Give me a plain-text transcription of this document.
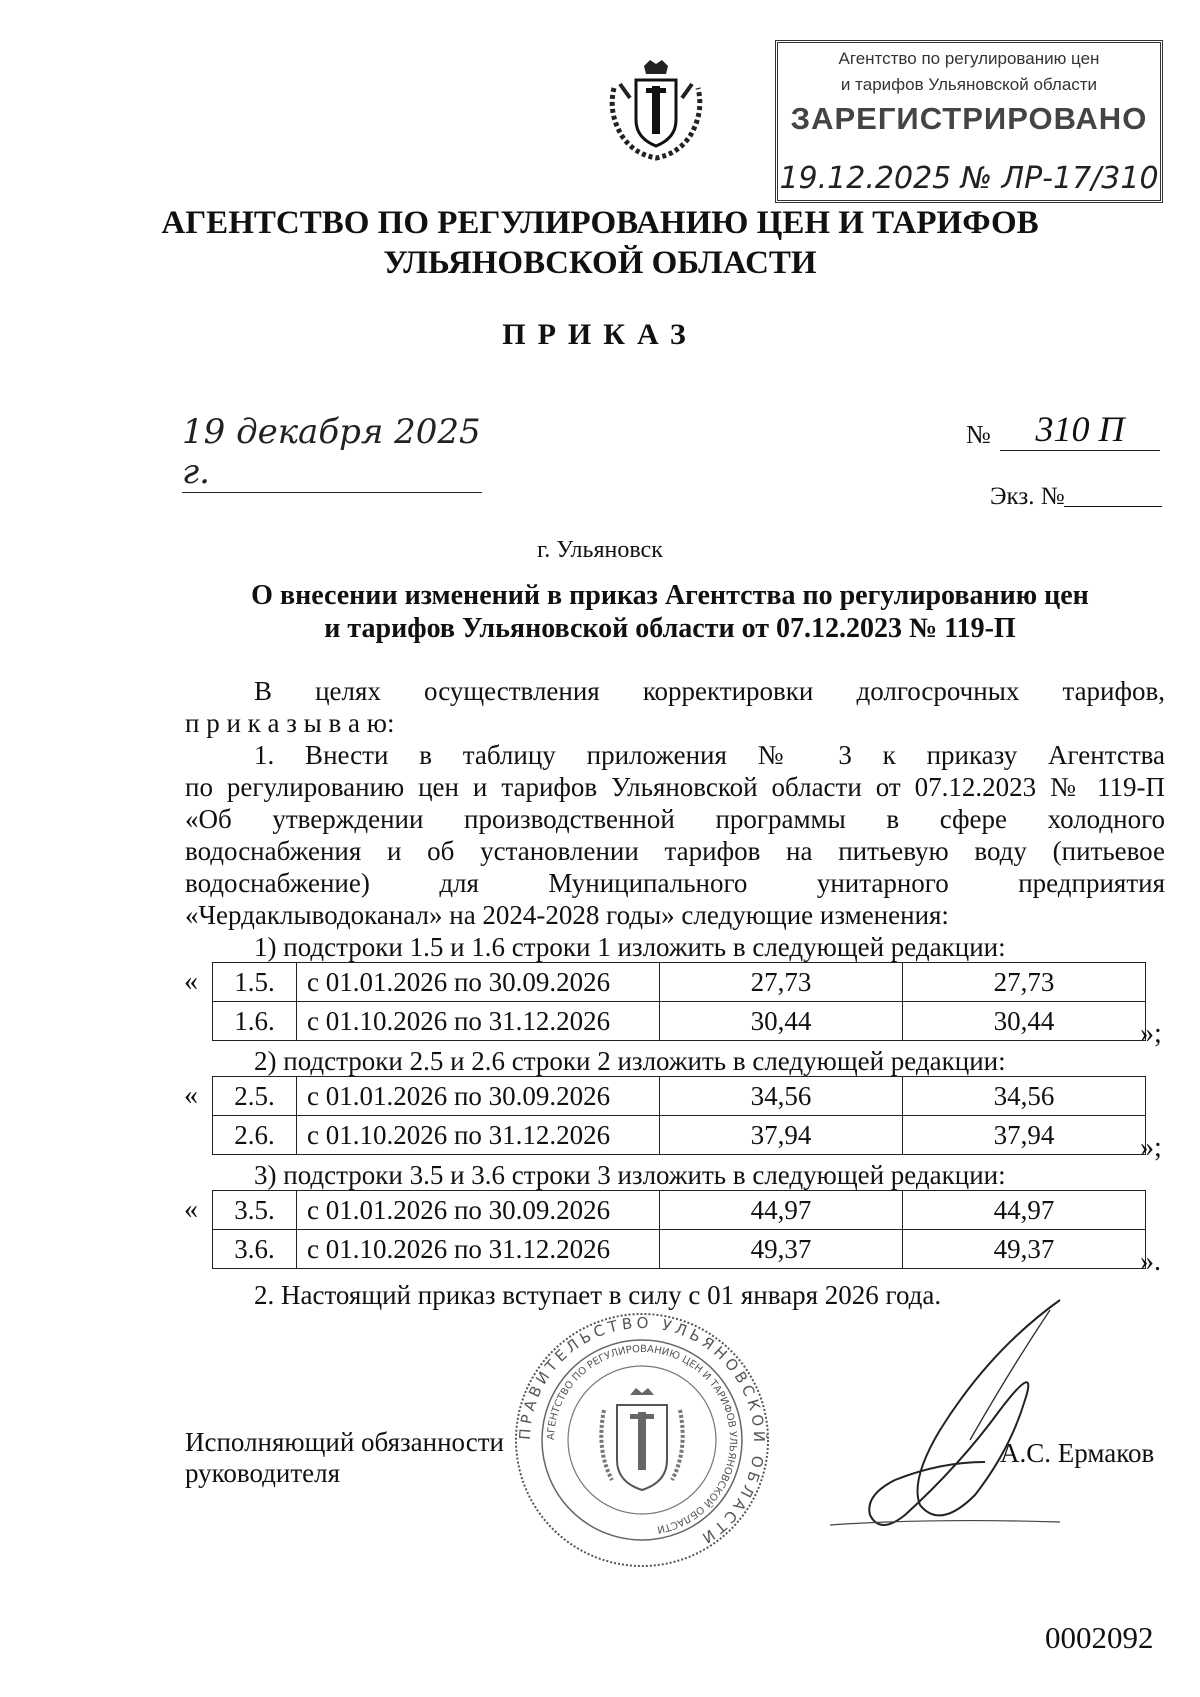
Агентство по регулированию цен
и тарифов Ульяновской области
ЗАРЕГИСТРИРОВАНО
19.12.2025 № ЛР-17/310
АГЕНТСТВО ПО РЕГУЛИРОВАНИЮ ЦЕН И ТАРИФОВ
УЛЬЯНОВСКОЙ ОБЛАСТИ
ПРИКАЗ
19 декабря 2025 г.
№	310 П
Экз. №
г. Ульяновск
О внесении изменений в приказ Агентства по регулированию цен
и тарифов Ульяновской области от 07.12.2023 № 119-П
В целях осуществления корректировки долгосрочных тарифов,
п р и к а з ы в а ю:
1. Внести в таблицу приложения № 3 к приказу Агентства
по регулированию цен и тарифов Ульяновской области от 07.12.2023 № 119-П
«Об утверждении производственной программы в сфере холодного
водоснабжения и об установлении тарифов на питьевую воду (питьевое
водоснабжение) для Муниципального унитарного предприятия
«Чердаклыводоканал» на 2024-2028 годы» следующие изменения:
1) подстроки 1.5 и 1.6 строки 1 изложить в следующей редакции:
« 1.5.	с 01.01.2026 по 30.09.2026	27,73	27,73
1.6.	с 01.10.2026 по 31.12.2026	30,44	30,44	»;
2) подстроки 2.5 и 2.6 строки 2 изложить в следующей редакции:
« 2.5.	с 01.01.2026 по 30.09.2026	34,56	34,56
2.6.	с 01.10.2026 по 31.12.2026	37,94	37,94	»;
3) подстроки 3.5 и 3.6 строки 3 изложить в следующей редакции:
« 3.5.	с 01.01.2026 по 30.09.2026	44,97	44,97
3.6.	с 01.10.2026 по 31.12.2026	49,37	49,37	».
2. Настоящий приказ вступает в силу с 01 января 2026 года.
ПРАВИТЕЛЬСТВО УЛЬЯНОВСКОЙ ОБЛАСТИ
АГЕНТСТВО ПО РЕГУЛИРОВАНИЮ ЦЕН И ТАРИФОВ УЛЬЯНОВСКОЙ ОБЛАСТИ
Исполняющий обязанности
руководителя
А.С. Ермаков
0002092
